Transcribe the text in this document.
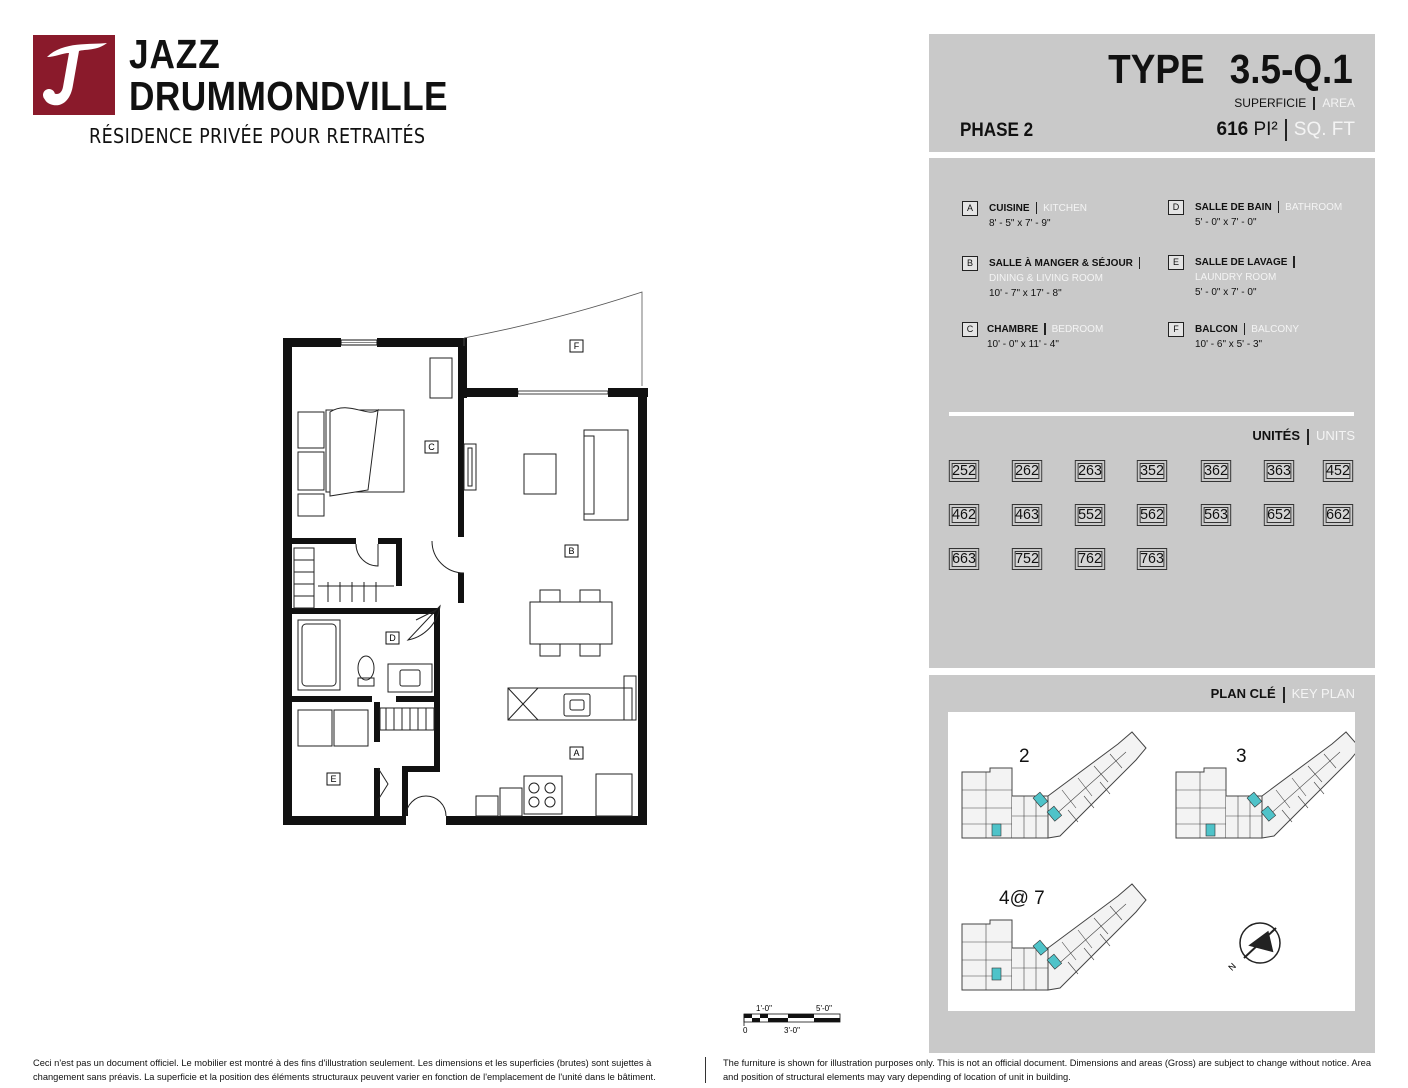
JAZZ
DRUMMONDVILLE
RÉSIDENCE PRIVÉE POUR RETRAITÉS
TYPE 3.5-Q.1
SUPERFICIE AREA
PHASE 2	616 PI² SQ. FT
A	CUISINE KITCHEN
8' - 5" x 7' - 9"
B	SALLE À MANGER & SÉJOUR
DINING & LIVING ROOM
10' - 7" x 17' - 8"
C	CHAMBRE BEDROOM
10' - 0" x 11' - 4"
D	SALLE DE BAIN BATHROOM
5' - 0" x 7' - 0"
E	SALLE DE LAVAGE
LAUNDRY ROOM
5' - 0" x 7' - 0"
F	BALCON BALCONY
10' - 6" x 5' - 3"
UNITÉS UNITS
252	262	263	352	362	363 452
462	463	552	562	563	652 662
663	752	762	763
PLAN CLÉ KEY PLAN
2	3
4@ 7
N
C
B
D
A
E
F
1'-0"	5'-0"
0	3'-0"
Ceci n'est pas un document officiel. Le mobilier est montré à des fins d'illustration seulement. Les dimensions et les superficies (brutes) sont sujettes à changement sans préavis. La superficie et la position des éléments structuraux peuvent varier en fonction de l'emplacement de l'unité dans le bâtiment.
The furniture is shown for illustration purposes only. This is not an official document. Dimensions and areas (Gross) are subject to change without notice. Area and position of structural elements may vary depending of location of unit in building.
